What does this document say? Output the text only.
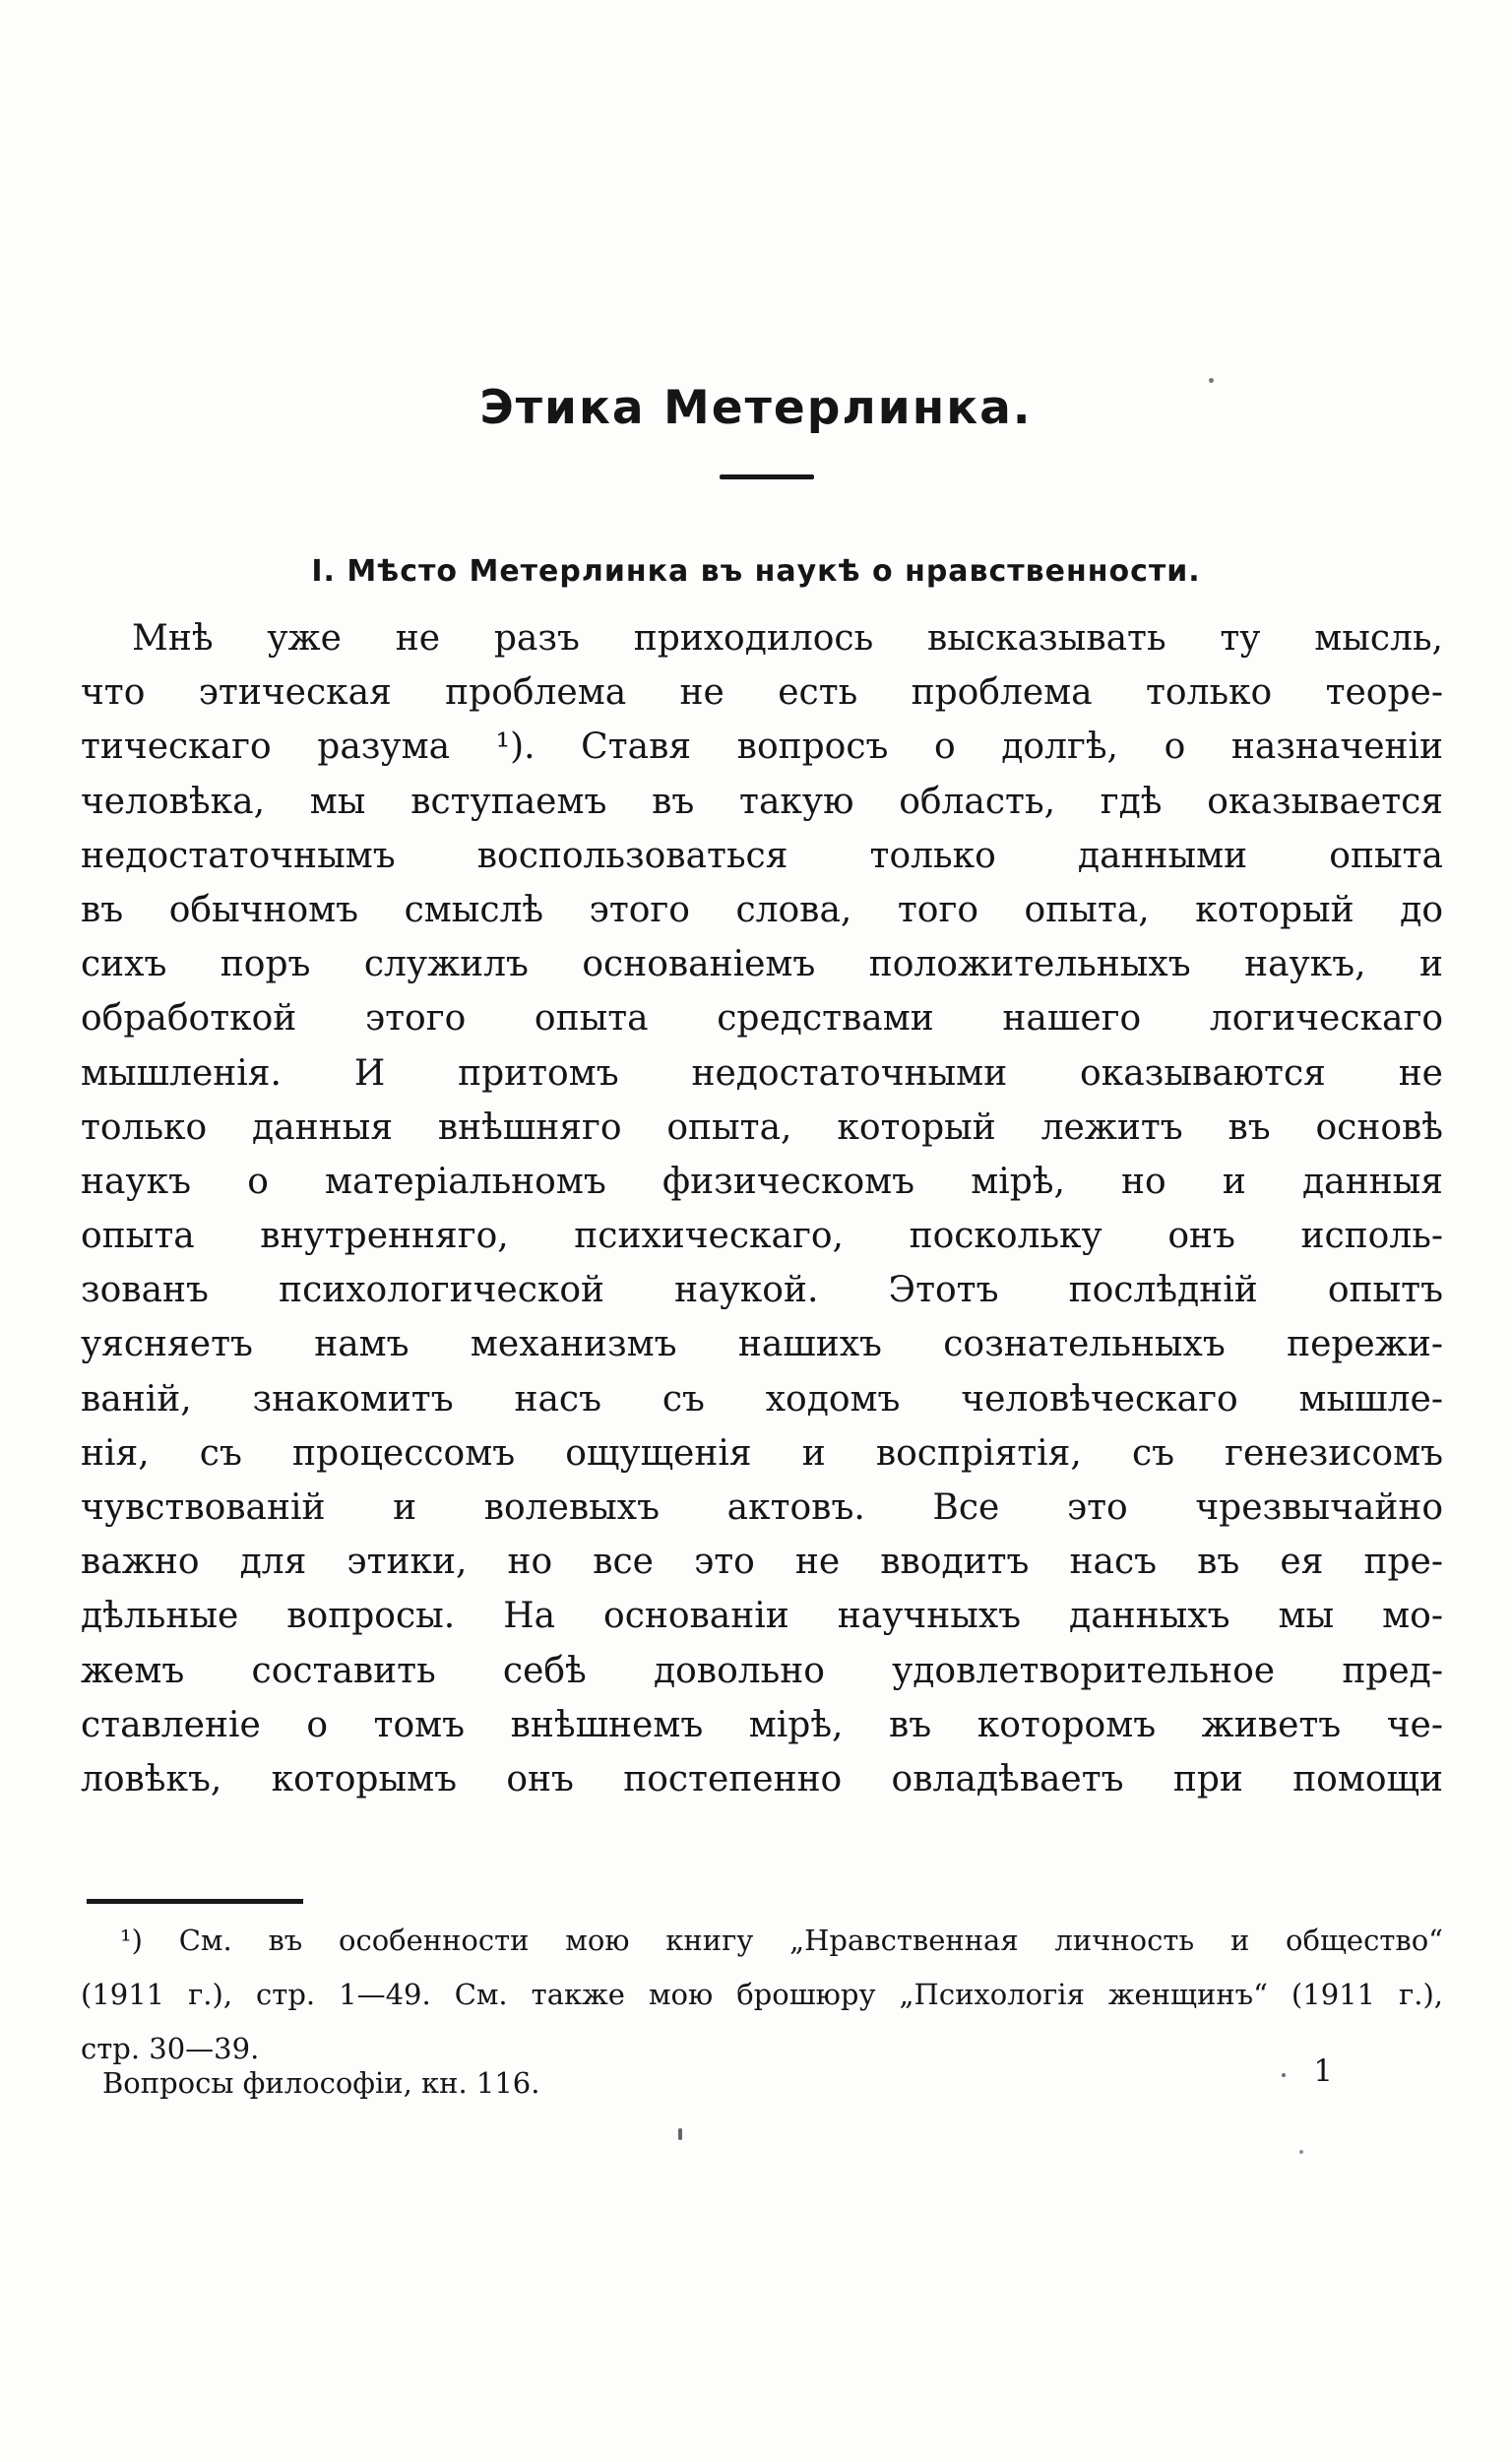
Этика Метерлинка.
I. Мѣсто Метерлинка въ наукѣ о нравственности.
Мнѣ уже не разъ приходилось высказывать ту мысль,
что этическая проблема не есть проблема только теоре-
тическаго разума ¹). Ставя вопросъ о долгѣ, о назначеніи
человѣка, мы вступаемъ въ такую область, гдѣ оказывается
недостаточнымъ воспользоваться только данными опыта
въ обычномъ смыслѣ этого слова, того опыта, который до
сихъ поръ служилъ основаніемъ положительныхъ наукъ, и
обработкой этого опыта средствами нашего логическаго
мышленія. И притомъ недостаточными оказываются не
только данныя внѣшняго опыта, который лежитъ въ основѣ
наукъ о матеріальномъ физическомъ мірѣ, но и данныя
опыта внутренняго, психическаго, поскольку онъ исполь-
зованъ психологической наукой. Этотъ послѣдній опытъ
уясняетъ намъ механизмъ нашихъ сознательныхъ пережи-
ваній, знакомитъ насъ съ ходомъ человѣческаго мышле-
нія, съ процессомъ ощущенія и воспріятія, съ генезисомъ
чувствованій и волевыхъ актовъ. Все это чрезвычайно
важно для этики, но все это не вводитъ насъ въ ея пре-
дѣльные вопросы. На основаніи научныхъ данныхъ мы мо-
жемъ составить себѣ довольно удовлетворительное пред-
ставленіе о томъ внѣшнемъ мірѣ, въ которомъ живетъ че-
ловѣкъ, которымъ онъ постепенно овладѣваетъ при помощи
¹) См. въ особенности мою книгу „Нравственная личность и общество“
(1911 г.), стр. 1—49. См. также мою брошюру „Психологія женщинъ“ (1911 г.),
стр. 30—39.
Вопросы философіи, кн. 116.	1
